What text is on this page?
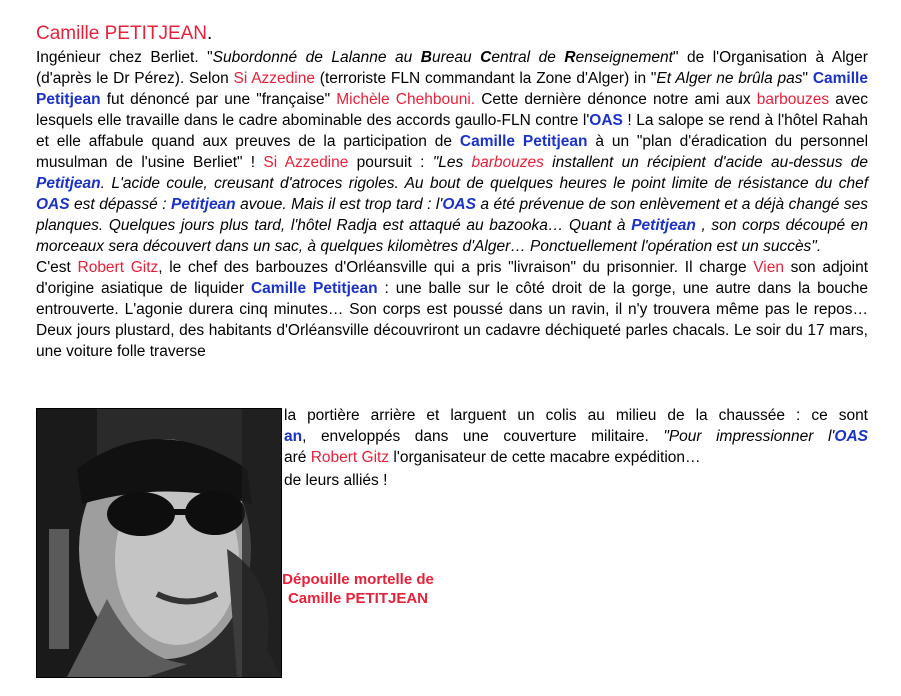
Camille PETITJEAN.

Ingénieur chez Berliet. "Subordonné de Lalanne au Bureau Central de Renseignement" de l'Organisation à Alger (d'après le Dr Pérez). Selon Si Azzedine (terroriste FLN commandant la Zone d'Alger) in "Et Alger ne brûla pas" Camille Petitjean fut dénoncé par une "française" Michèle Chehbouni. Cette dernière dénonce notre ami aux barbouzes avec lesquels elle travaille dans le cadre abominable des accords gaullo-FLN contre l'OAS ! La salope se rend à l'hôtel Rahah et elle affabule quand aux preuves de la participation de Camille Petitjean à un "plan d'éradication du personnel musulman de l'usine Berliet" ! Si Azzedine poursuit : "Les barbouzes installent un récipient d'acide au-dessus de Petitjean. L'acide coule, creusant d'atroces rigoles. Au bout de quelques heures le point limite de résistance du chef OAS est dépassé : Petitjean avoue. Mais il est trop tard : l'OAS a été prévenue de son enlèvement et a déjà changé ses planques. Quelques jours plus tard, l'hôtel Radja est attaqué au bazooka… Quant à Petitjean , son corps découpé en morceaux sera découvert dans un sac, à quelques kilomètres d'Alger… Ponctuellement l'opération est un succès".

C'est Robert Gitz, le chef des barbouzes d'Orléansville qui a pris "livraison" du prisonnier. Il charge Vien son adjoint d'origine asiatique de liquider Camille Petitjean : une balle sur le côté droit de la gorge, une autre dans la bouche entrouverte. L'agonie durera cinq minutes… Son corps est poussé dans un ravin, il n'y trouvera même pas le repos… Deux jours plustard, des habitants d'Orléansville découvriront un cadavre déchiqueté parles chacals. Le soir du 17 mars, une voiture folle traverse

la portière arrière et larguent un colis au milieu de la chaussée : ce sont
an, enveloppés dans une couverture militaire. "Pour impressionner l'OAS
aré Robert Gitz l'organisateur de cette macabre expédition…
de leurs alliés !
Dépouille mortelle de
Camille PETITJEAN
